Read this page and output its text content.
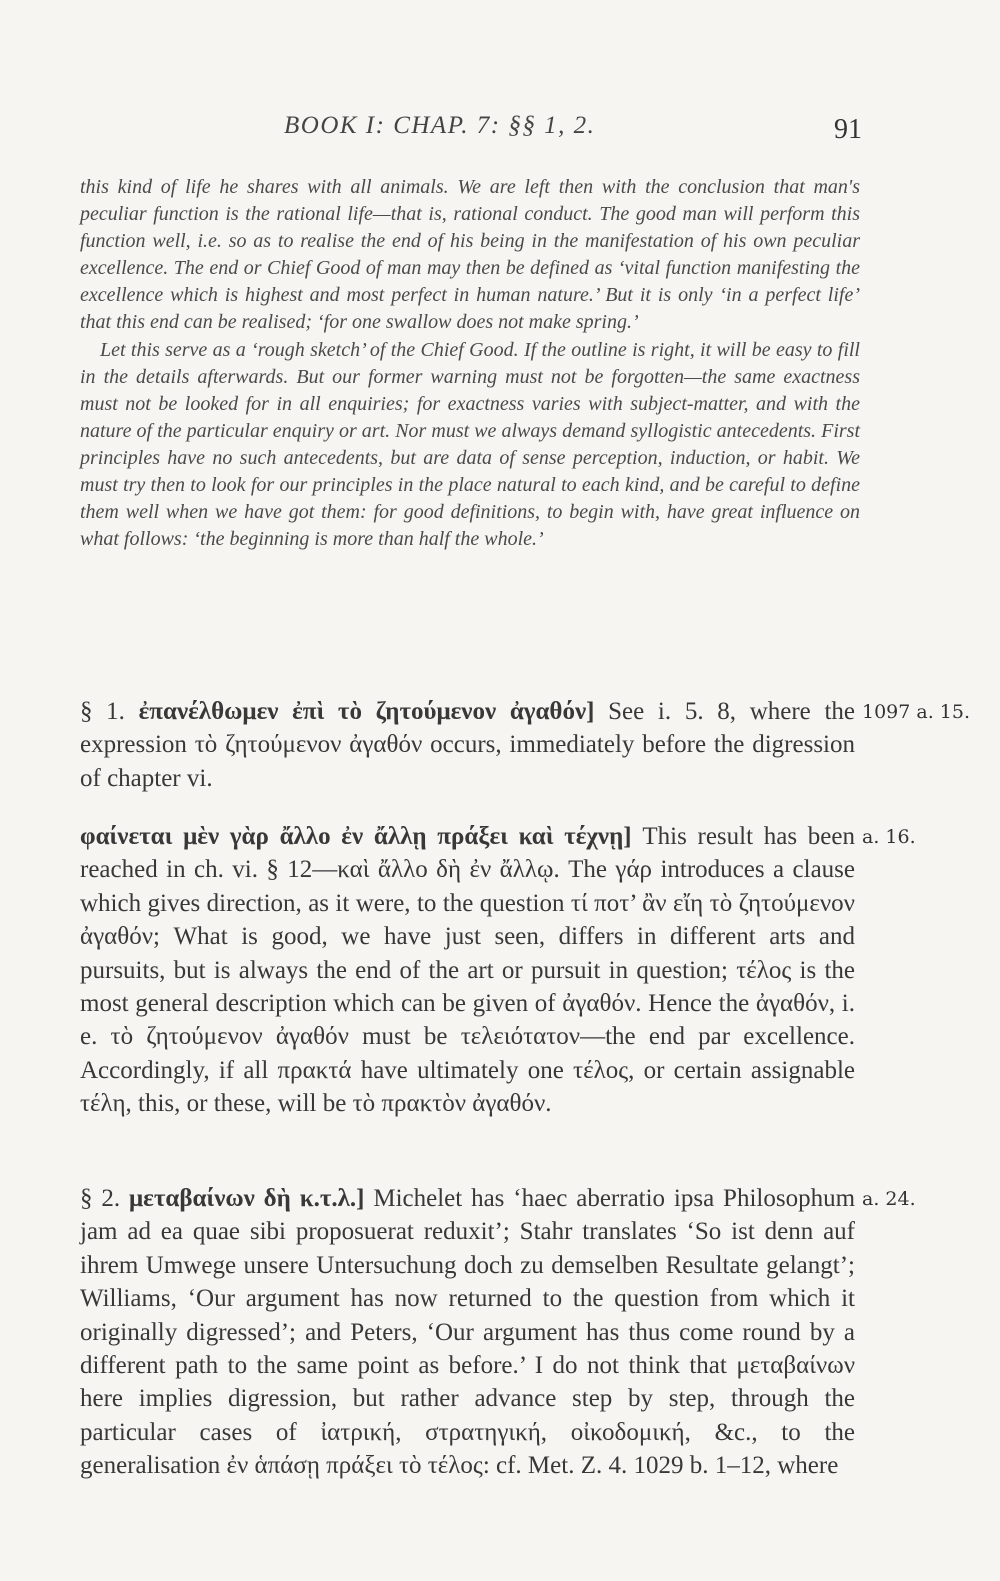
BOOK I: CHAP. 7: §§ 1, 2.	91

this kind of life he shares with all animals. We are left then with the conclusion that man's peculiar function is the rational life—that is, rational conduct. The good man will perform this function well, i.e. so as to realise the end of his being in the manifestation of his own peculiar excellence. The end or Chief Good of man may then be defined as ‘vital function manifesting the excellence which is highest and most perfect in human nature.’ But it is only ‘in a perfect life’ that this end can be realised; ‘for one swallow does not make spring.’

Let this serve as a ‘rough sketch’ of the Chief Good. If the outline is right, it will be easy to fill in the details afterwards. But our former warning must not be forgotten—the same exactness must not be looked for in all enquiries; for exactness varies with subject-matter, and with the nature of the particular enquiry or art. Nor must we always demand syllogistic antecedents. First principles have no such antecedents, but are data of sense perception, induction, or habit. We must try then to look for our principles in the place natural to each kind, and be careful to define them well when we have got them: for good definitions, to begin with, have great influence on what follows: ‘the beginning is more than half the whole.’

§ 1. ἐπανέλθωμεν ἐπὶ τὸ ζητούμενον ἀγαθόν] See i. 5. 8, where the expression τὸ ζητούμενον ἀγαθόν occurs, immediately before the digression of chapter vi.
1097 a. 15.
φαίνεται μὲν γὰρ ἄλλο ἐν ἄλλῃ πράξει καὶ τέχνῃ] This result has been reached in ch. vi. § 12—καὶ ἄλλο δὴ ἐν ἄλλῳ. The γάρ introduces a clause which gives direction, as it were, to the question τί ποτ’ ἂν εἴη τὸ ζητούμενον ἀγαθόν; What is good, we have just seen, differs in different arts and pursuits, but is always the end of the art or pursuit in question; τέλος is the most general description which can be given of ἀγαθόν. Hence the ἀγαθόν, i. e. τὸ ζητούμενον ἀγαθόν must be τελειότατον—the end par excellence. Accordingly, if all πρακτά have ultimately one τέλος, or certain assignable τέλη, this, or these, will be τὸ πρακτὸν ἀγαθόν.
a. 16.
§ 2. μεταβαίνων δὴ κ.τ.λ.] Michelet has ‘haec aberratio ipsa Philosophum jam ad ea quae sibi proposuerat reduxit’; Stahr translates ‘So ist denn auf ihrem Umwege unsere Untersuchung doch zu demselben Resultate gelangt’; Williams, ‘Our argument has now returned to the question from which it originally digressed’; and Peters, ‘Our argument has thus come round by a different path to the same point as before.’ I do not think that μεταβαίνων here implies digression, but rather advance step by step, through the particular cases of ἰατρική, στρατηγική, οἰκοδομική, &c., to the generalisation ἐν ἁπάσῃ πράξει τὸ τέλος: cf. Met. Z. 4. 1029 b. 1–12, where
a. 24.
